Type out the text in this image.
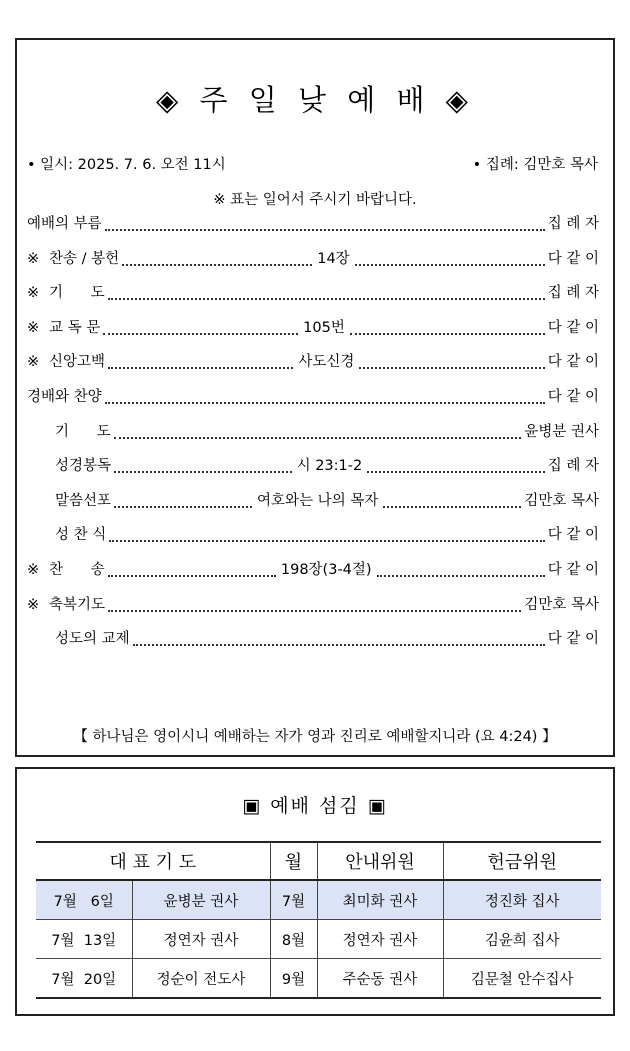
◈ 주 일 낮 예 배 ◈
• 일시: 2025. 7. 6. 오전 11시	• 집례: 김만호 목사
※ 표는 일어서 주시기 바랍니다.
예배의 부름	집 례 자
※ 찬송 / 봉헌	14장	다 같 이
※ 기      도	집 례 자
※ 교 독 문	105번	다 같 이
※ 신앙고백	사도신경	다 같 이
경배와 찬양	다 같 이
기      도	윤병분 권사
성경봉독	시 23:1-2	집 례 자
말씀선포	여호와는 나의 목자	김만호 목사
성 찬 식	다 같 이
※ 찬      송	198장(3-4절)	다 같 이
※ 축복기도	김만호 목사
성도의 교제	다 같 이
【 하나님은 영이시니 예배하는 자가 영과 진리로 예배할지니라 (요 4:24) 】
▣ 예배 섬김 ▣
대 표 기 도		월	안내위원	헌금위원
7월   6일	윤병분 권사	7월	최미화 권사	정진화 집사
7월  13일	정연자 권사	8월	정연자 권사	김윤희 집사
7월  20일	정순이 전도사	9월	주순동 권사	김문철 안수집사
